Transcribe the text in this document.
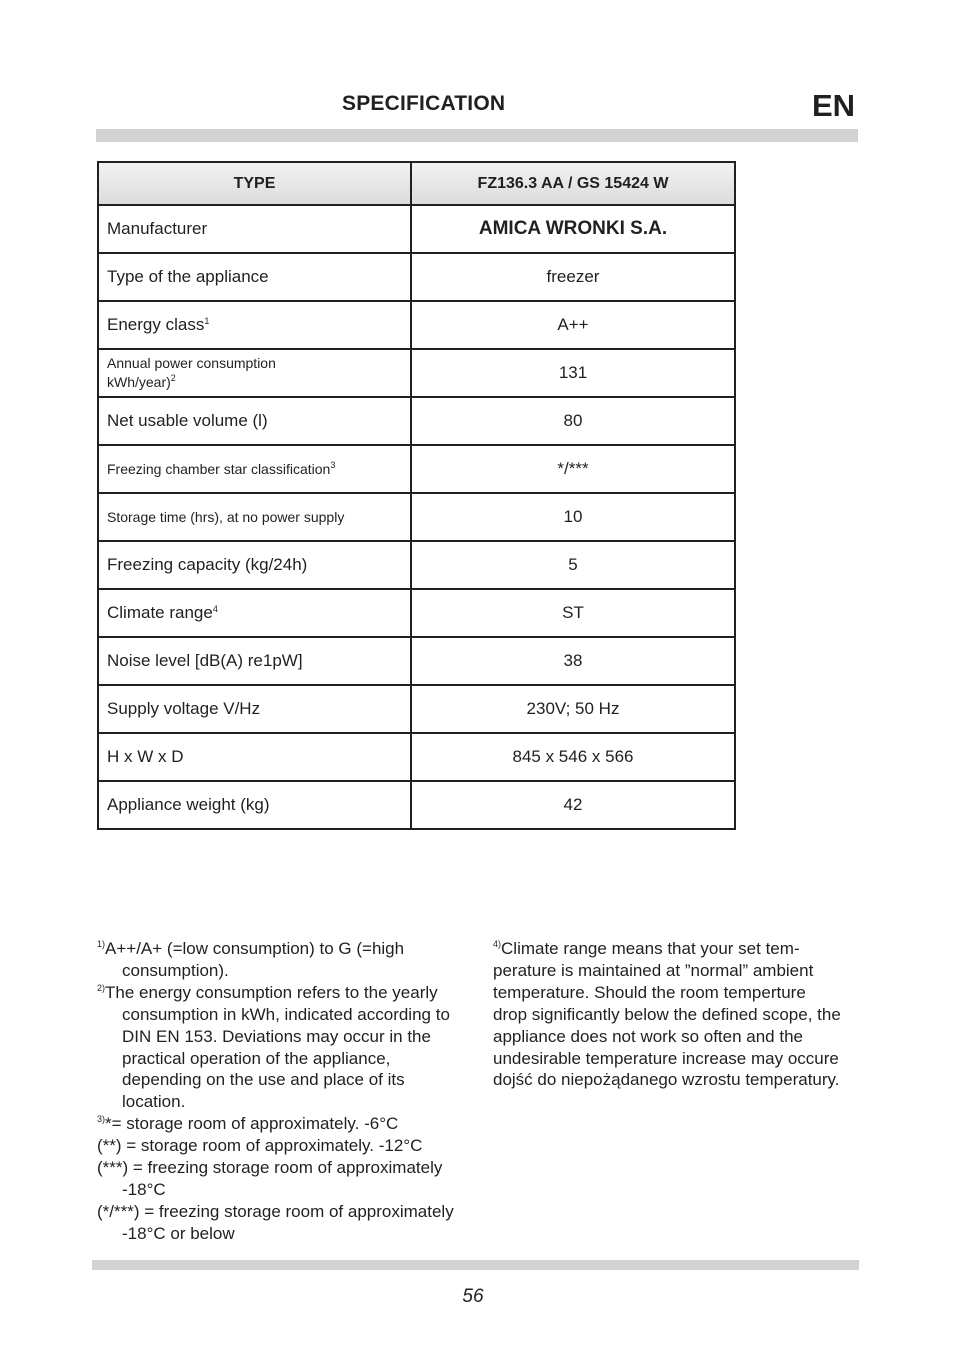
SPECIFICATION	EN
TYPE	FZ136.3 AA / GS 15424 W
Manufacturer	AMICA WRONKI S.A.
Type of the appliance	freezer
Energy class$^1$	A++
Annual power consumption
kWh/year)$^2$	131
Net usable volume (l)	80
Freezing chamber star classification$^3$	*/***
Storage time (hrs), at no power supply	10
Freezing capacity (kg/24h)	5
Climate range$^4$	ST
Noise level [dB(A) re1pW]	38
Supply voltage V/Hz	230V; 50 Hz
H x W x D	845 x 546 x 566
Appliance weight (kg)	42

$^{1)}$A++/A+ (=low consumption) to G (=high consumption).

$^{2)}$The energy consumption refers to the yearly consumption in kWh, indicated according to DIN EN 153. Deviations may occur in the practical operation of the appliance, depending on the use and place of its location.

$^{3)}$*= storage room of approximately. -6°C

(**) = storage room of approximately. -12°C

(***) = freezing storage room of approximately -18°C

(*/***) = freezing storage room of approximately -18°C or below

$^{4)}$Climate range means that your set temperature is maintained at ”normal” ambient temperature. Should the room temperture drop significantly below the defined scope, the appliance does not work so often and the undesirable temperature increase may occure dojść do niepożądanego wzrostu temperatury.

56
